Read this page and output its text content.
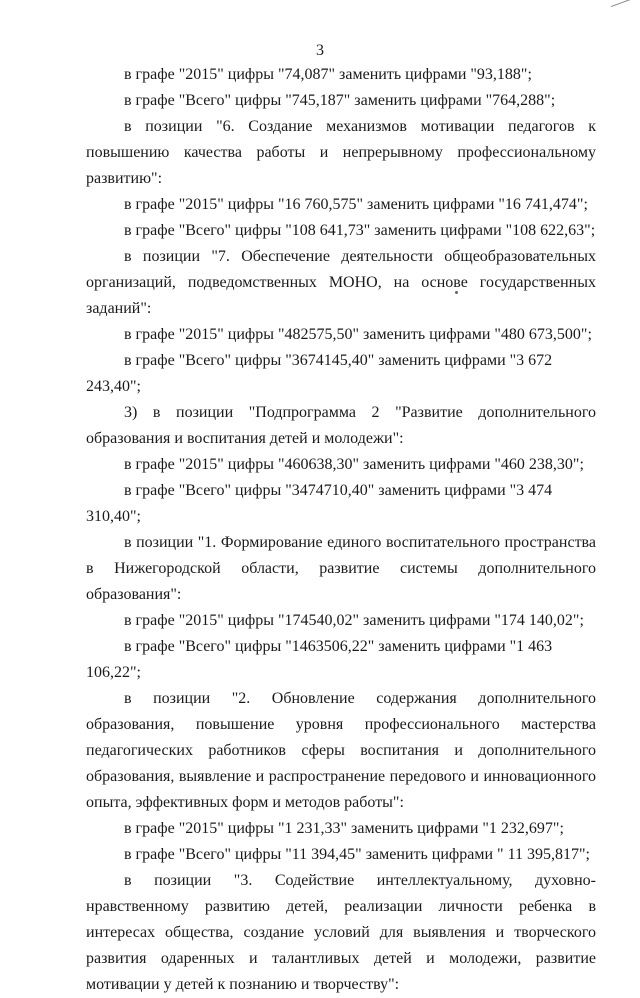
3

в графе "2015" цифры "74,087" заменить цифрами "93,188";

в графе "Всего" цифры "745,187" заменить цифрами "764,288";

в позиции "6. Создание механизмов мотивации педагогов к повышению качества работы и непрерывному профессиональному развитию":

в графе "2015" цифры "16 760,575" заменить цифрами "16 741,474";

в графе "Всего" цифры "108 641,73" заменить цифрами "108 622,63";

в позиции "7. Обеспечение деятельности общеобразовательных организаций, подведомственных МОНО, на основе государственных заданий":

в графе "2015" цифры "482575,50" заменить цифрами "480 673,500";

в графе "Всего" цифры "3674145,40" заменить цифрами "3 672 243,40";

3) в позиции "Подпрограмма 2 "Развитие дополнительного образования и воспитания детей и молодежи":

в графе "2015" цифры "460638,30" заменить цифрами "460 238,30";

в графе "Всего" цифры "3474710,40" заменить цифрами "3 474 310,40";

в позиции "1. Формирование единого воспитательного пространства в Нижегородской области, развитие системы дополнительного образования":

в графе "2015" цифры "174540,02" заменить цифрами "174 140,02";

в графе "Всего" цифры "1463506,22" заменить цифрами "1 463 106,22";

в позиции "2. Обновление содержания дополнительного образования, повышение уровня профессионального мастерства педагогических работников сферы воспитания и дополнительного образования, выявление и распространение передового и инновационного опыта, эффективных форм и методов работы":

в графе "2015" цифры "1 231,33" заменить цифрами "1 232,697";

в графе "Всего" цифры "11 394,45" заменить цифрами " 11 395,817";

в позиции "3. Содействие интеллектуальному, духовно-нравственному развитию детей, реализации личности ребенка в интересах общества, создание условий для выявления и творческого развития одаренных и талантливых детей и молодежи, развитие мотивации у детей к познанию и творчеству":
